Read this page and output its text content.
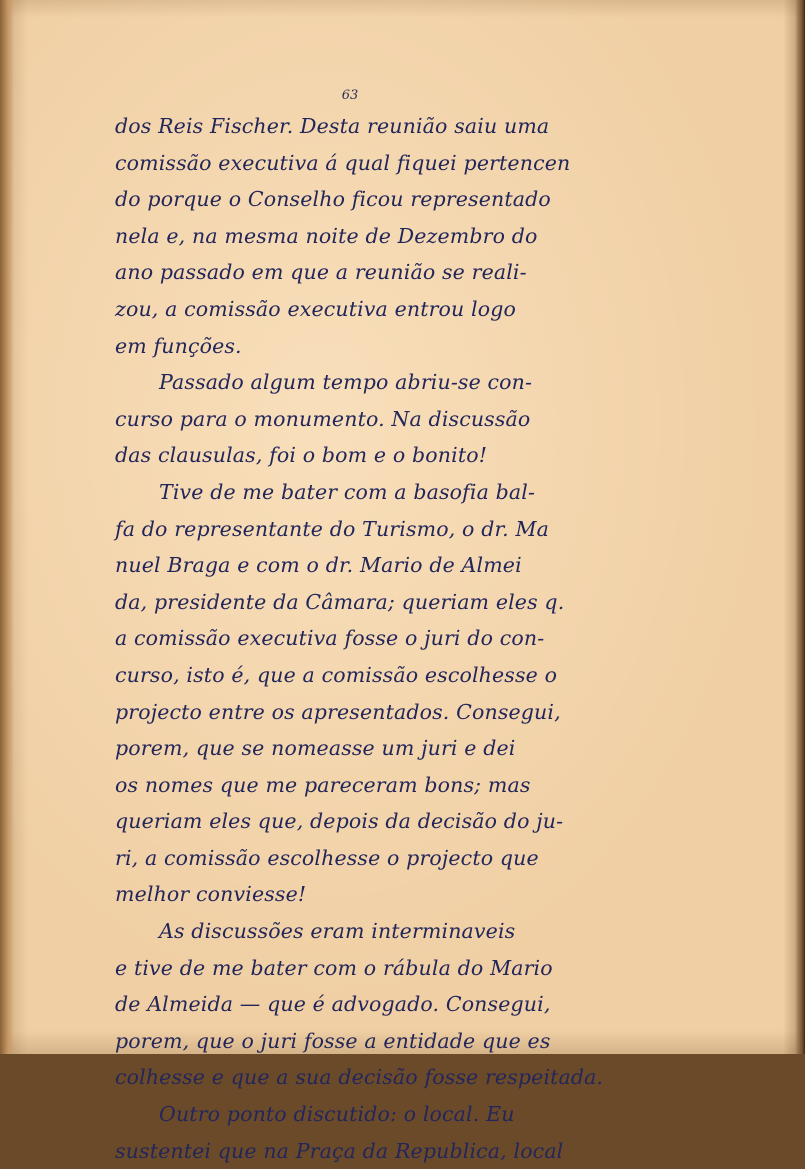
63
dos Reis Fischer. Desta reunião saiu uma
comissão executiva á qual fiquei pertencen
do porque o Conselho ficou representado
nela e, na mesma noite de Dezembro do
ano passado em que a reunião se reali-
zou, a comissão executiva entrou logo
em funções.
Passado algum tempo abriu-se con-
curso para o monumento. Na discussão
das clausulas, foi o bom e o bonito!
Tive de me bater com a basofia bal-
fa do representante do Turismo, o dr. Ma
nuel Braga e com o dr. Mario de Almei
da, presidente da Câmara; queriam eles q.
a comissão executiva fosse o juri do con-
curso, isto é, que a comissão escolhesse o
projecto entre os apresentados. Consegui,
porem, que se nomeasse um juri e dei
os nomes que me pareceram bons; mas
queriam eles que, depois da decisão do ju-
ri, a comissão escolhesse o projecto que
melhor conviesse!
As discussões eram interminaveis
e tive de me bater com o rábula do Mario
de Almeida — que é advogado. Consegui,
porem, que o juri fosse a entidade que es
colhesse e que a sua decisão fosse respeitada.
Outro ponto discutido: o local. Eu
sustentei que na Praça da Republica, local
